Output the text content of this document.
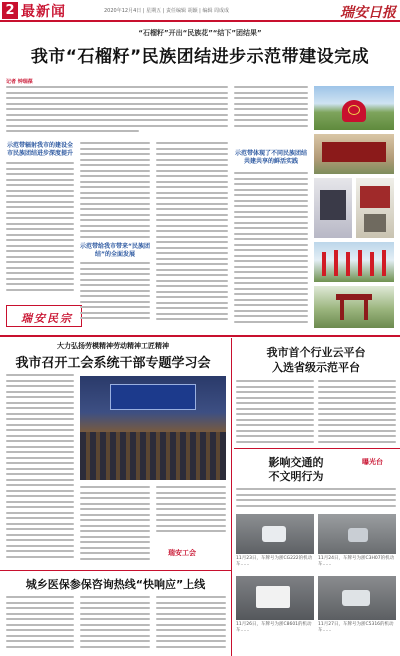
2 最新闻	2020年12月4日 | 星期五 | 责任编辑 胡颖 | 编辑 周成成	瑞安日报
“石榴籽”开出“民族花”“结下”团结果”
我市“石榴籽”民族团结进步示范带建设完成
记者 钟瑞葆
示范带辐射我市的建设全市民族团结进步深度提升
瑞安民宗
示范带给我市带来“民族团结”的全面发展
示范带体现了不同民族团结共建共享的鲜活实践
大力弘扬劳模精神劳动精神工匠精神
我市召开工会系统干部专题学习会
瑞安工会
我市首个行业云平台
入选省级示范平台
影响交通的
不文明行为
曝光台
11月23日，车牌号为浙CG222的机动车……
11月24日，车牌号为浙C3H07的机动车……
11月26日，车牌号为浙C8601的机动车……
11月27日，车牌号为浙C5316的机动车……
城乡医保参保咨询热线“快响应”上线
